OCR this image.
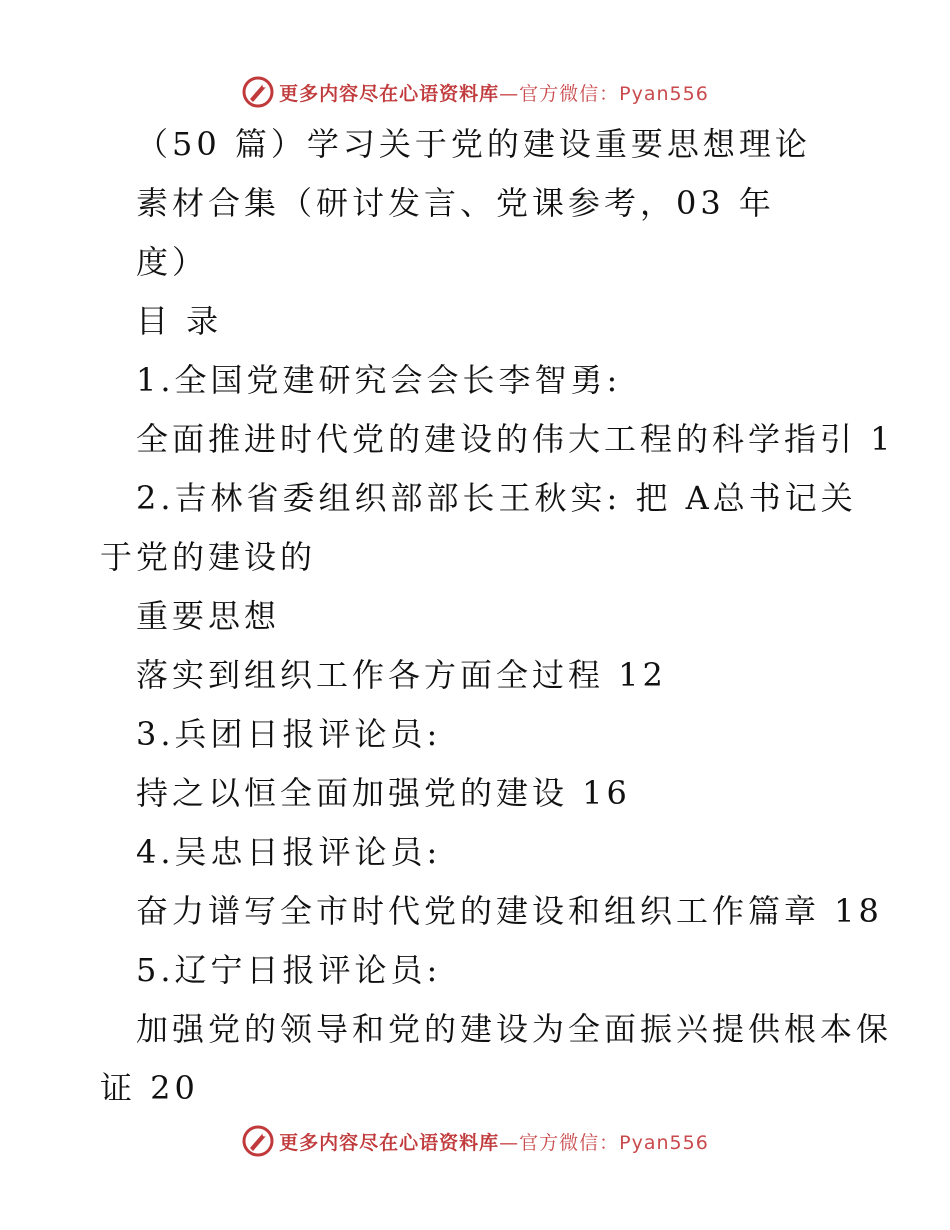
更多内容尽在心语资料库—官方微信：Pyan556
（50 篇）学习关于党的建设重要思想理论
素材合集（研讨发言、党课参考，03 年
度）
目 录
1.全国党建研究会会长李智勇:
全面推进时代党的建设的伟大工程的科学指引 1
2.吉林省委组织部部长王秋实: 把 A总书记关
于党的建设的
重要思想
落实到组织工作各方面全过程 12
3.兵团日报评论员:
持之以恒全面加强党的建设 16
4.吴忠日报评论员:
奋力谱写全市时代党的建设和组织工作篇章 18
5.辽宁日报评论员:
加强党的领导和党的建设为全面振兴提供根本保
证 20
更多内容尽在心语资料库—官方微信：Pyan556
